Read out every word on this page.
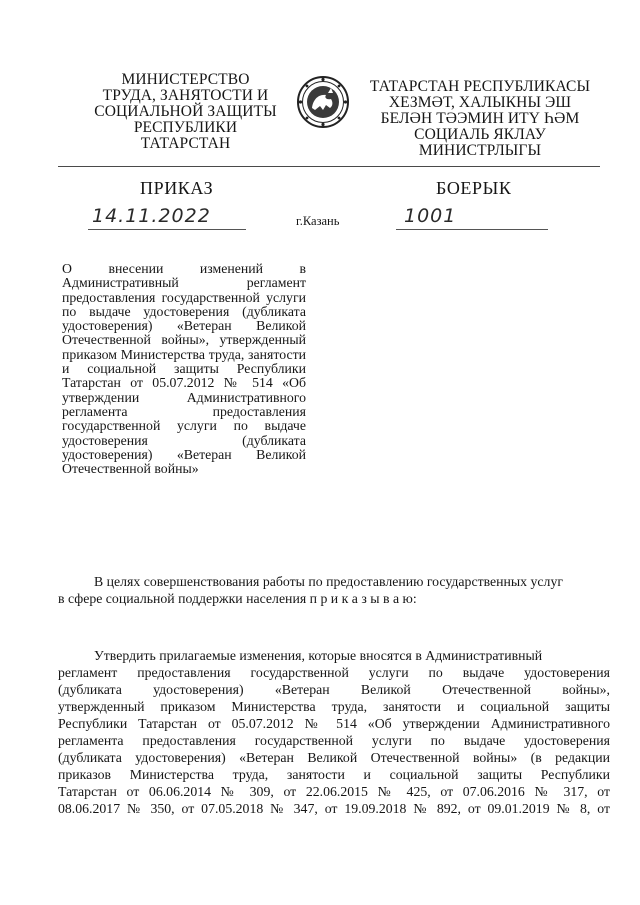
МИНИСТЕРСТВО
ТРУДА, ЗАНЯТОСТИ И
СОЦИАЛЬНОЙ ЗАЩИТЫ
РЕСПУБЛИКИ
ТАТАРСТАН
ТАТАРСТАН РЕСПУБЛИКАСЫ
ХЕЗМӘТ, ХАЛЫКНЫ ЭШ
БЕЛӘН ТӘЭМИН ИТҮ ҺӘМ
СОЦИАЛЬ ЯКЛАУ
МИНИСТРЛЫГЫ
ПРИКАЗ	БОЕРЫК
14.11.2022	г.Казань	1001
О внесении изменений в Административный регламент предоставления государственной услуги по выдаче удостоверения (дубликата удостоверения) «Ветеран Великой Отечественной войны», утвержденный приказом Министерства труда, занятости и социальной защиты Республики Татарстан от 05.07.2012 № 514 «Об утверждении Административного регламента предоставления государственной услуги по выдаче удостоверения (дубликата удостоверения) «Ветеран Великой Отечественной войны»
В целях совершенствования работы по предоставлению государственных услуг
в сфере социальной поддержки населения п р и к а з ы в а ю:
Утвердить прилагаемые изменения, которые вносятся в Административный
регламент предоставления государственной услуги по выдаче удостоверения
(дубликата удостоверения) «Ветеран Великой Отечественной войны»,
утвержденный приказом Министерства труда, занятости и социальной защиты
Республики Татарстан от 05.07.2012 № 514 «Об утверждении Административного
регламента предоставления государственной услуги по выдаче удостоверения
(дубликата удостоверения) «Ветеран Великой Отечественной войны» (в редакции
приказов Министерства труда, занятости и социальной защиты Республики
Татарстан от 06.06.2014 № 309, от 22.06.2015 № 425, от 07.06.2016 № 317, от
08.06.2017 № 350, от 07.05.2018 № 347, от 19.09.2018 № 892, от 09.01.2019 № 8, от
